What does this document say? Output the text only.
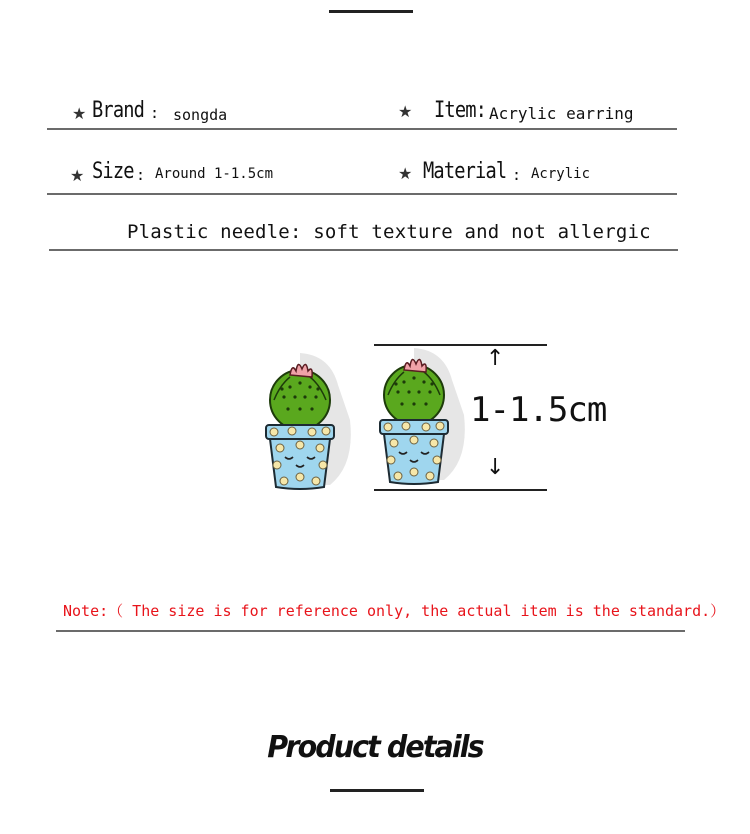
★ Brand : songda	★ Item: Acrylic earring
★ Size : Around 1-1.5cm	★ Material : Acrylic
Plastic needle: soft texture and not allergic
↑
↓
1-1.5cm
Note:（ The size is for reference only, the actual item is the standard.）
Product details
